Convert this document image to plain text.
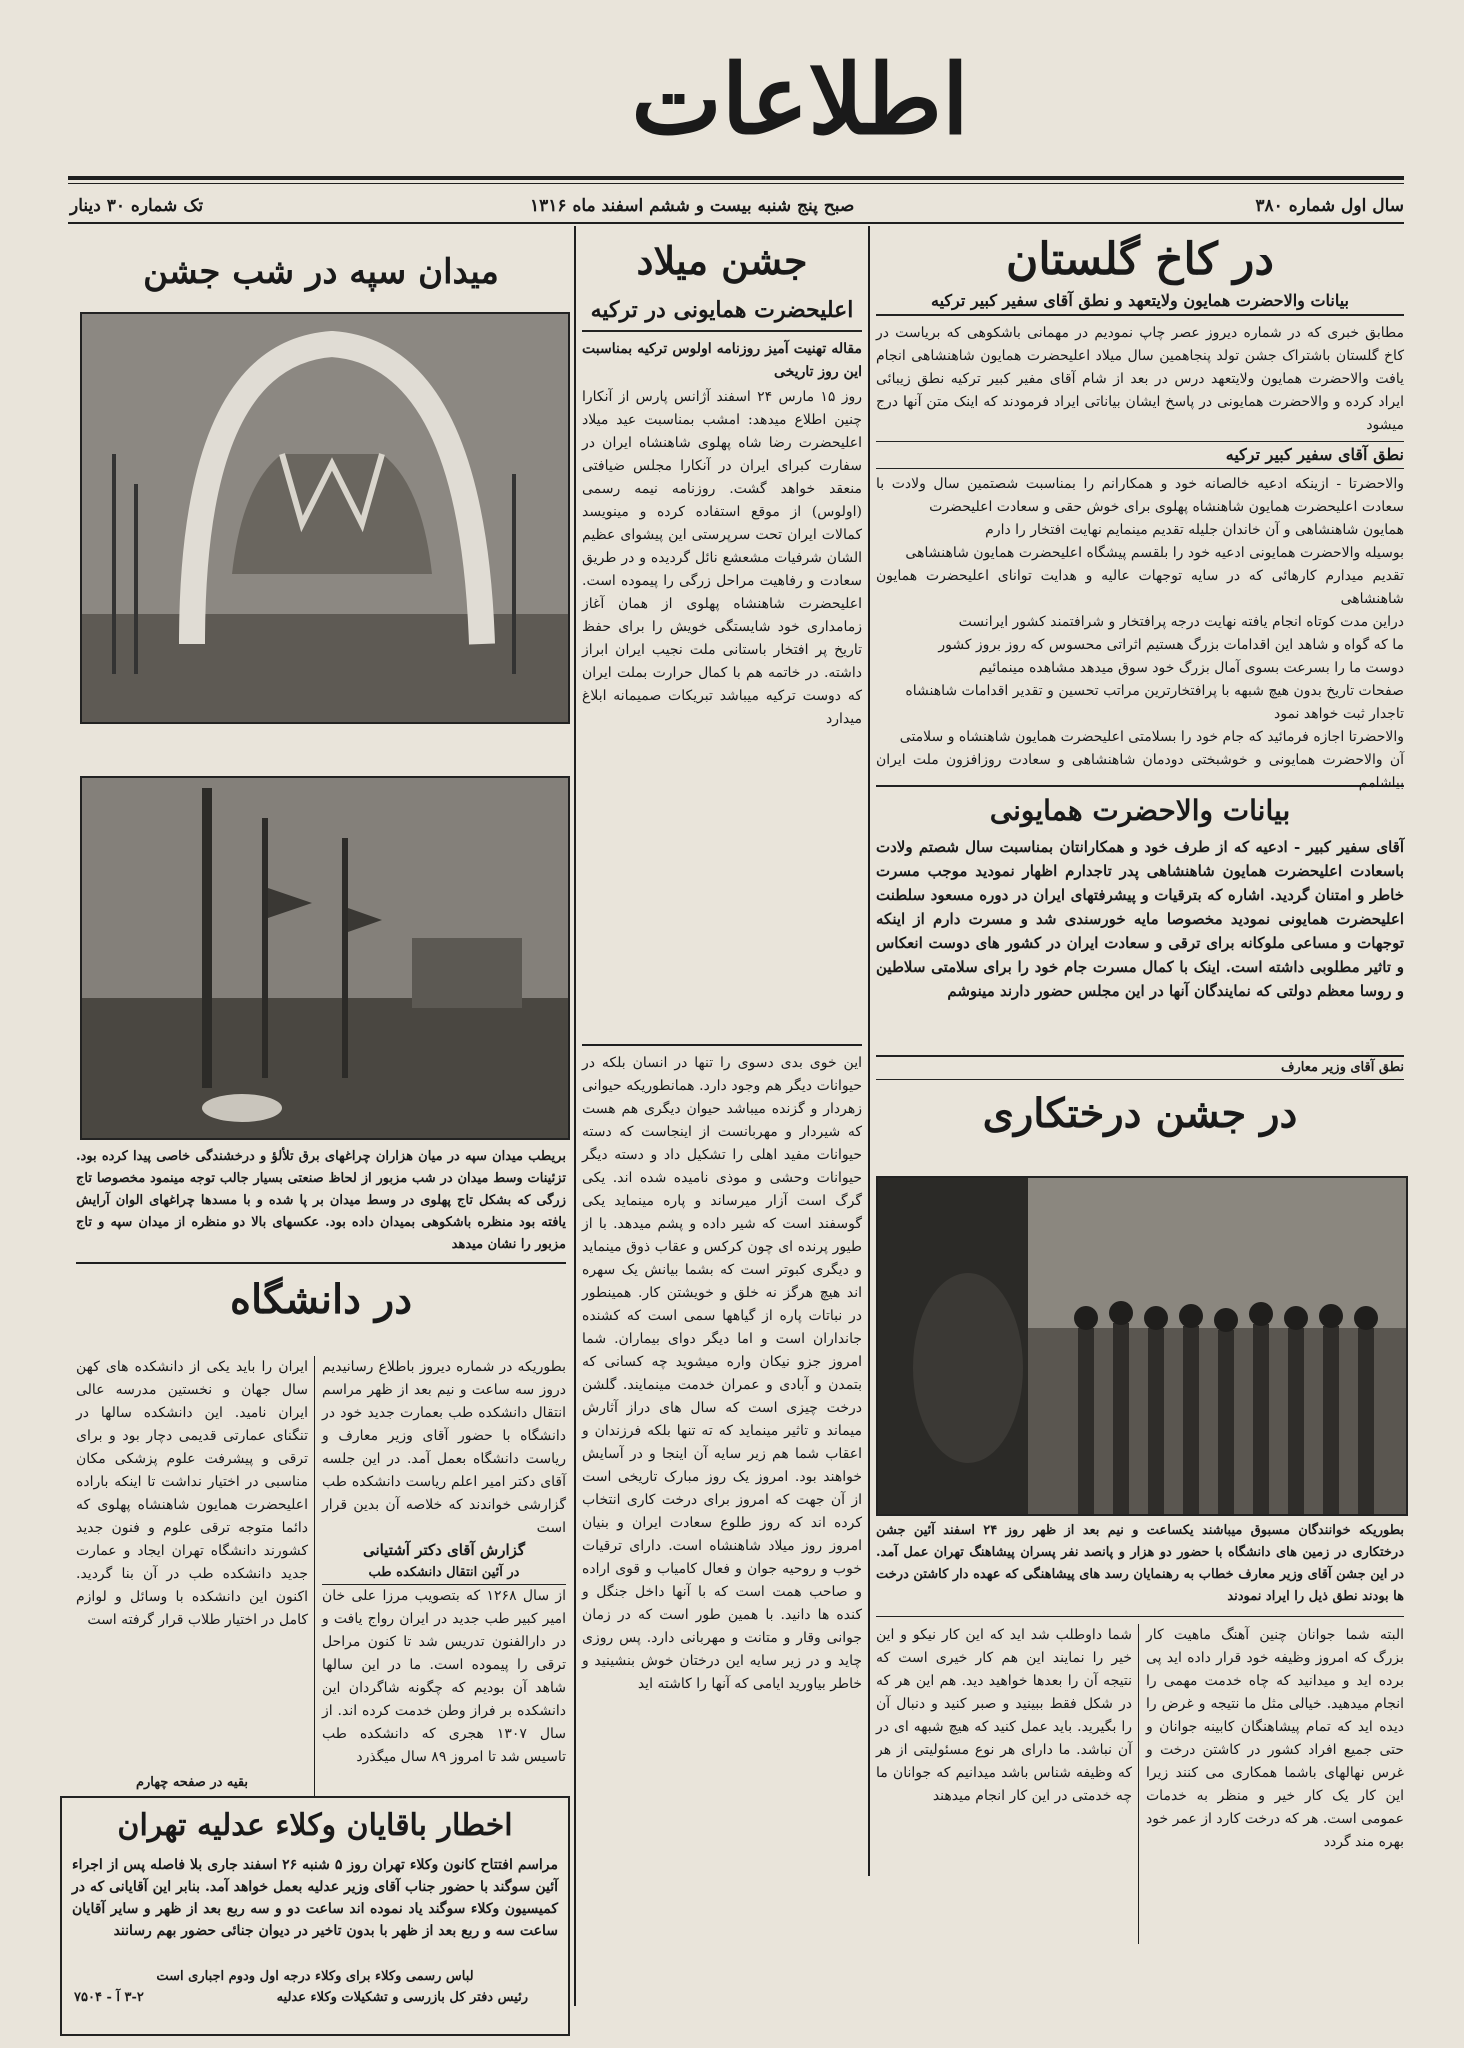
اطلاعات
سال اول شماره ۳۸۰
صبح پنج شنبه بیست و ششم اسفند ماه ۱۳۱۶
تک شماره ۳۰ دینار
در کاخ گلستان
بیانات والاحضرت همایون ولایتعهد و نطق آقای سفیر کبیر ترکیه
مطابق خبری که در شماره دیروز عصر چاپ نمودیم در مهمانی باشکوهی که بریاست در کاخ گلستان باشتراک جشن تولد پنجاهمین سال میلاد اعلیحضرت همایون شاهنشاهی انجام یافت والاحضرت همایون ولایتعهد درس در بعد از شام آقای مفیر کبیر ترکیه نطق زیبائی ایراد کرده و والاحضرت همایونی در پاسخ ایشان بیاناتی ایراد فرمودند که اینک متن آنها درج میشود
نطق آقای سفیر کبیر ترکیه
والاحضرتا - ازینکه ادعیه خالصانه خود و همکارانم را بمناسبت شصتمین سال ولادت با سعادت اعلیحضرت همایون شاهنشاه پهلوی برای خوش حقی و سعادت اعلیحضرت
همایون شاهنشاهی و آن خاندان جلیله تقدیم مینمایم نهایت افتخار را دارم
بوسیله والاحضرت همایونی ادعیه خود را بلقسم پیشگاه اعلیحضرت همایون شاهنشاهی
تقدیم میدارم کارهائی که در سایه توجهات عالیه و هدایت توانای اعلیحضرت همایون شاهنشاهی
دراین مدت کوتاه انجام یافته نهایت درجه پرافتخار و شرافتمند کشور ایرانست
ما که گواه و شاهد این اقدامات بزرگ هستیم اثراتی محسوس که روز بروز کشور
دوست ما را بسرعت بسوی آمال بزرگ خود سوق میدهد مشاهده مینمائیم
صفحات تاریخ بدون هیچ شبهه با پرافتخارترین مراتب تحسین و تقدیر اقدامات شاهنشاه
تاجدار ثبت خواهد نمود
والاحضرتا اجازه فرمائید که جام خود را بسلامتی اعلیحضرت همایون شاهنشاه و سلامتی
آن والاحضرت همایونی و خوشبختی دودمان شاهنشاهی و سعادت روزافزون ملت ایران بیاشامم
بیانات والاحضرت همایونی
آقای سفیر کبیر - ادعیه که از طرف خود و همکارانتان بمناسبت سال شصتم ولادت باسعادت اعلیحضرت همایون شاهنشاهی پدر تاجدارم اظهار نمودید موجب مسرت خاطر و امتنان گردید. اشاره که بترقیات و پیشرفتهای ایران در دوره مسعود سلطنت اعلیحضرت همایونی نمودید مخصوصا مایه خورسندی شد و مسرت دارم از اینکه توجهات و مساعی ملوکانه برای ترقی و سعادت ایران در کشور های دوست انعکاس و تاثیر مطلوبی داشته است. اینک با کمال مسرت جام خود را برای سلامتی سلاطین و روسا معظم دولتی که نمایندگان آنها در این مجلس حضور دارند مینوشم
نطق آقای وزیر معارف
در جشن درختکاری
بطوریکه خوانندگان مسبوق میباشند یکساعت و نیم بعد از ظهر روز ۲۴ اسفند آئین جشن درختکاری در زمین های دانشگاه با حضور دو هزار و پانصد نفر پسران پیشاهنگ تهران عمل آمد. در این جشن آقای وزیر معارف خطاب به رهنمایان رسد های پیشاهنگی که عهده دار کاشتن درخت ها بودند نطق ذیل را ایراد نمودند
البته شما جوانان چنین آهنگ ماهیت کار بزرگ که امروز وظیفه خود قرار داده اید پی برده اید و میدانید که چاه خدمت مهمی را انجام میدهید. خیالی مثل ما نتیجه و غرض را دیده اید که تمام پیشاهنگان کابینه جوانان و حتی جمیع افراد کشور در کاشتن درخت و غرس نهالهای باشما همکاری می کنند زیرا این کار یک کار خیر و منظر به خدمات عمومی است. هر که درخت کارد از عمر خود بهره مند گردد
شما داوطلب شد اید که این کار نیکو و این خیر را نمایند این هم کار خیری است که نتیجه آن را بعدها خواهید دید. هم این هر که در شکل فقط ببینید و صبر کنید و دنبال آن را بگیرید. باید عمل کنید که هیچ شبهه ای در آن نباشد. ما دارای هر نوع مسئولیتی از هر که وظیفه شناس باشد میدانیم که جوانان ما چه خدمتی در این کار انجام میدهند
جشن میلاد
اعلیحضرت همایونی در ترکیه
مقاله تهنیت آمیز روزنامه اولوس ترکیه بمناسبت این روز تاریخی
روز ۱۵ مارس ۲۴ اسفند آژانس پارس از آنکارا چنین اطلاع میدهد: امشب بمناسبت عید میلاد اعلیحضرت رضا شاه پهلوی شاهنشاه ایران در سفارت کبرای ایران در آنکارا مجلس ضیافتی منعقد خواهد گشت. روزنامه نیمه رسمی (اولوس) از موقع استفاده کرده و مینویسد کمالات ایران تحت سرپرستی این پیشوای عظیم الشان شرفیات مشعشع نائل گردیده و در طریق سعادت و رفاهیت مراحل زرگی را پیموده است. اعلیحضرت شاهنشاه پهلوی از همان آغاز زمامداری خود شایستگی خویش را برای حفظ تاریخ پر افتخار باستانی ملت نجیب ایران ابراز داشته. در خاتمه هم با کمال حرارت بملت ایران که دوست ترکیه میباشد تبریکات صمیمانه ابلاغ میدارد
این خوی بدی دسوی را تنها در انسان بلکه در حیوانات دیگر هم وجود دارد. همانطوریکه حیوانی زهردار و گزنده میباشد حیوان دیگری هم هست که شیردار و مهربانست از اینجاست که دسته حیوانات مفید اهلی را تشکیل داد و دسته دیگر حیوانات وحشی و موذی نامیده شده اند. یکی گرگ است آزار میرساند و پاره مینماید یکی گوسفند است که شیر داده و پشم میدهد. با از طیور پرنده ای چون کرکس و عقاب ذوق مینماید و دیگری کبوتر است که بشما بیانش یک سهره اند هیچ هرگز نه خلق و خویشتن کار. همینطور در نباتات پاره از گیاهها سمی است که کشنده جانداران است و اما دیگر دوای بیماران. شما امروز جزو نیکان واره میشوید چه کسانی که بتمدن و آبادی و عمران خدمت مینمایند. گلشن درخت چیزی است که سال های دراز آثارش میماند و تاثیر مینماید که ته تنها بلکه فرزندان و اعقاب شما هم زیر سایه آن اینجا و در آسایش خواهند بود. امروز یک روز مبارک تاریخی است از آن جهت که امروز برای درخت کاری انتخاب کرده اند که روز طلوع سعادت ایران و بنیان امروز روز میلاد شاهنشاه است. دارای ترقیات خوب و روحیه جوان و فعال کامیاب و قوی اراده و صاحب همت است که با آنها داخل جنگل و کنده ها دانید. با همین طور است که در زمان جوانی وقار و متانت و مهربانی دارد. پس روزی چاید و در زیر سایه این درختان خوش بنشینید و خاطر بیاورید ایامی که آنها را کاشته اید
میدان سپه در شب جشن
بریطب میدان سپه در میان هزاران چراغهای برق تلألؤ و درخشندگی خاصی پیدا کرده بود. تزئینات وسط میدان در شب مزبور از لحاظ صنعتی بسیار جالب توجه مینمود مخصوصا تاج زرگی که بشکل تاج پهلوی در وسط میدان بر پا شده و با مسدها چراغهای الوان آرایش یافته بود منظره باشکوهی بمیدان داده بود. عکسهای بالا دو منظره از میدان سپه و تاج مزبور را نشان میدهد
در دانشگاه
بطوریکه در شماره دیروز باطلاع رسانیدیم دروز سه ساعت و نیم بعد از ظهر مراسم انتقال دانشکده طب بعمارت جدید خود در دانشگاه با حضور آقای وزیر معارف و ریاست دانشگاه بعمل آمد. در این جلسه آقای دکتر امیر اعلم ریاست دانشکده طب گزارشی خواندند که خلاصه آن بدین قرار است
گزارش آقای دکتر آشتیانی
در آئین انتقال دانشکده طب
از سال ۱۲۶۸ که بتصویب مرزا علی خان امیر کبیر طب جدید در ایران رواج یافت و در دارالفنون تدریس شد تا کنون مراحل ترقی را پیموده است. ما در این سالها شاهد آن بودیم که چگونه شاگردان این دانشکده بر فراز وطن خدمت کرده اند. از سال ۱۳۰۷ هجری که دانشکده طب تاسیس شد تا امروز ۸۹ سال میگذرد
ایران را باید یکی از دانشکده های کهن سال جهان و نخستین مدرسه عالی ایران نامید. این دانشکده سالها در تنگنای عمارتی قدیمی دچار بود و برای ترقی و پیشرفت علوم پزشکی مکان مناسبی در اختیار نداشت تا اینکه باراده اعلیحضرت همایون شاهنشاه پهلوی که دائما متوجه ترقی علوم و فنون جدید کشورند دانشگاه تهران ایجاد و عمارت جدید دانشکده طب در آن بنا گردید. اکنون این دانشکده با وسائل و لوازم کامل در اختیار طلاب قرار گرفته است
بقیه در صفحه چهارم
اخطار باقایان وکلاء عدلیه تهران
مراسم افتتاح کانون وکلاء تهران روز ۵ شنبه ۲۶ اسفند جاری بلا فاصله پس از اجراء آئین سوگند با حضور جناب آقای وزیر عدلیه بعمل خواهد آمد. بنابر این آقایانی که در کمیسیون وکلاء سوگند یاد نموده اند ساعت دو و سه ربع بعد از ظهر و سایر آقایان ساعت سه و ربع بعد از ظهر با بدون تاخیر در دیوان جنائی حضور بهم رسانند
لباس رسمی وکلاء برای وکلاء درجه اول ودوم اجباری است
رئیس دفتر کل بازرسی و تشکیلات وکلاء عدلیه
۳-۲ آ - ۷۵۰۴
